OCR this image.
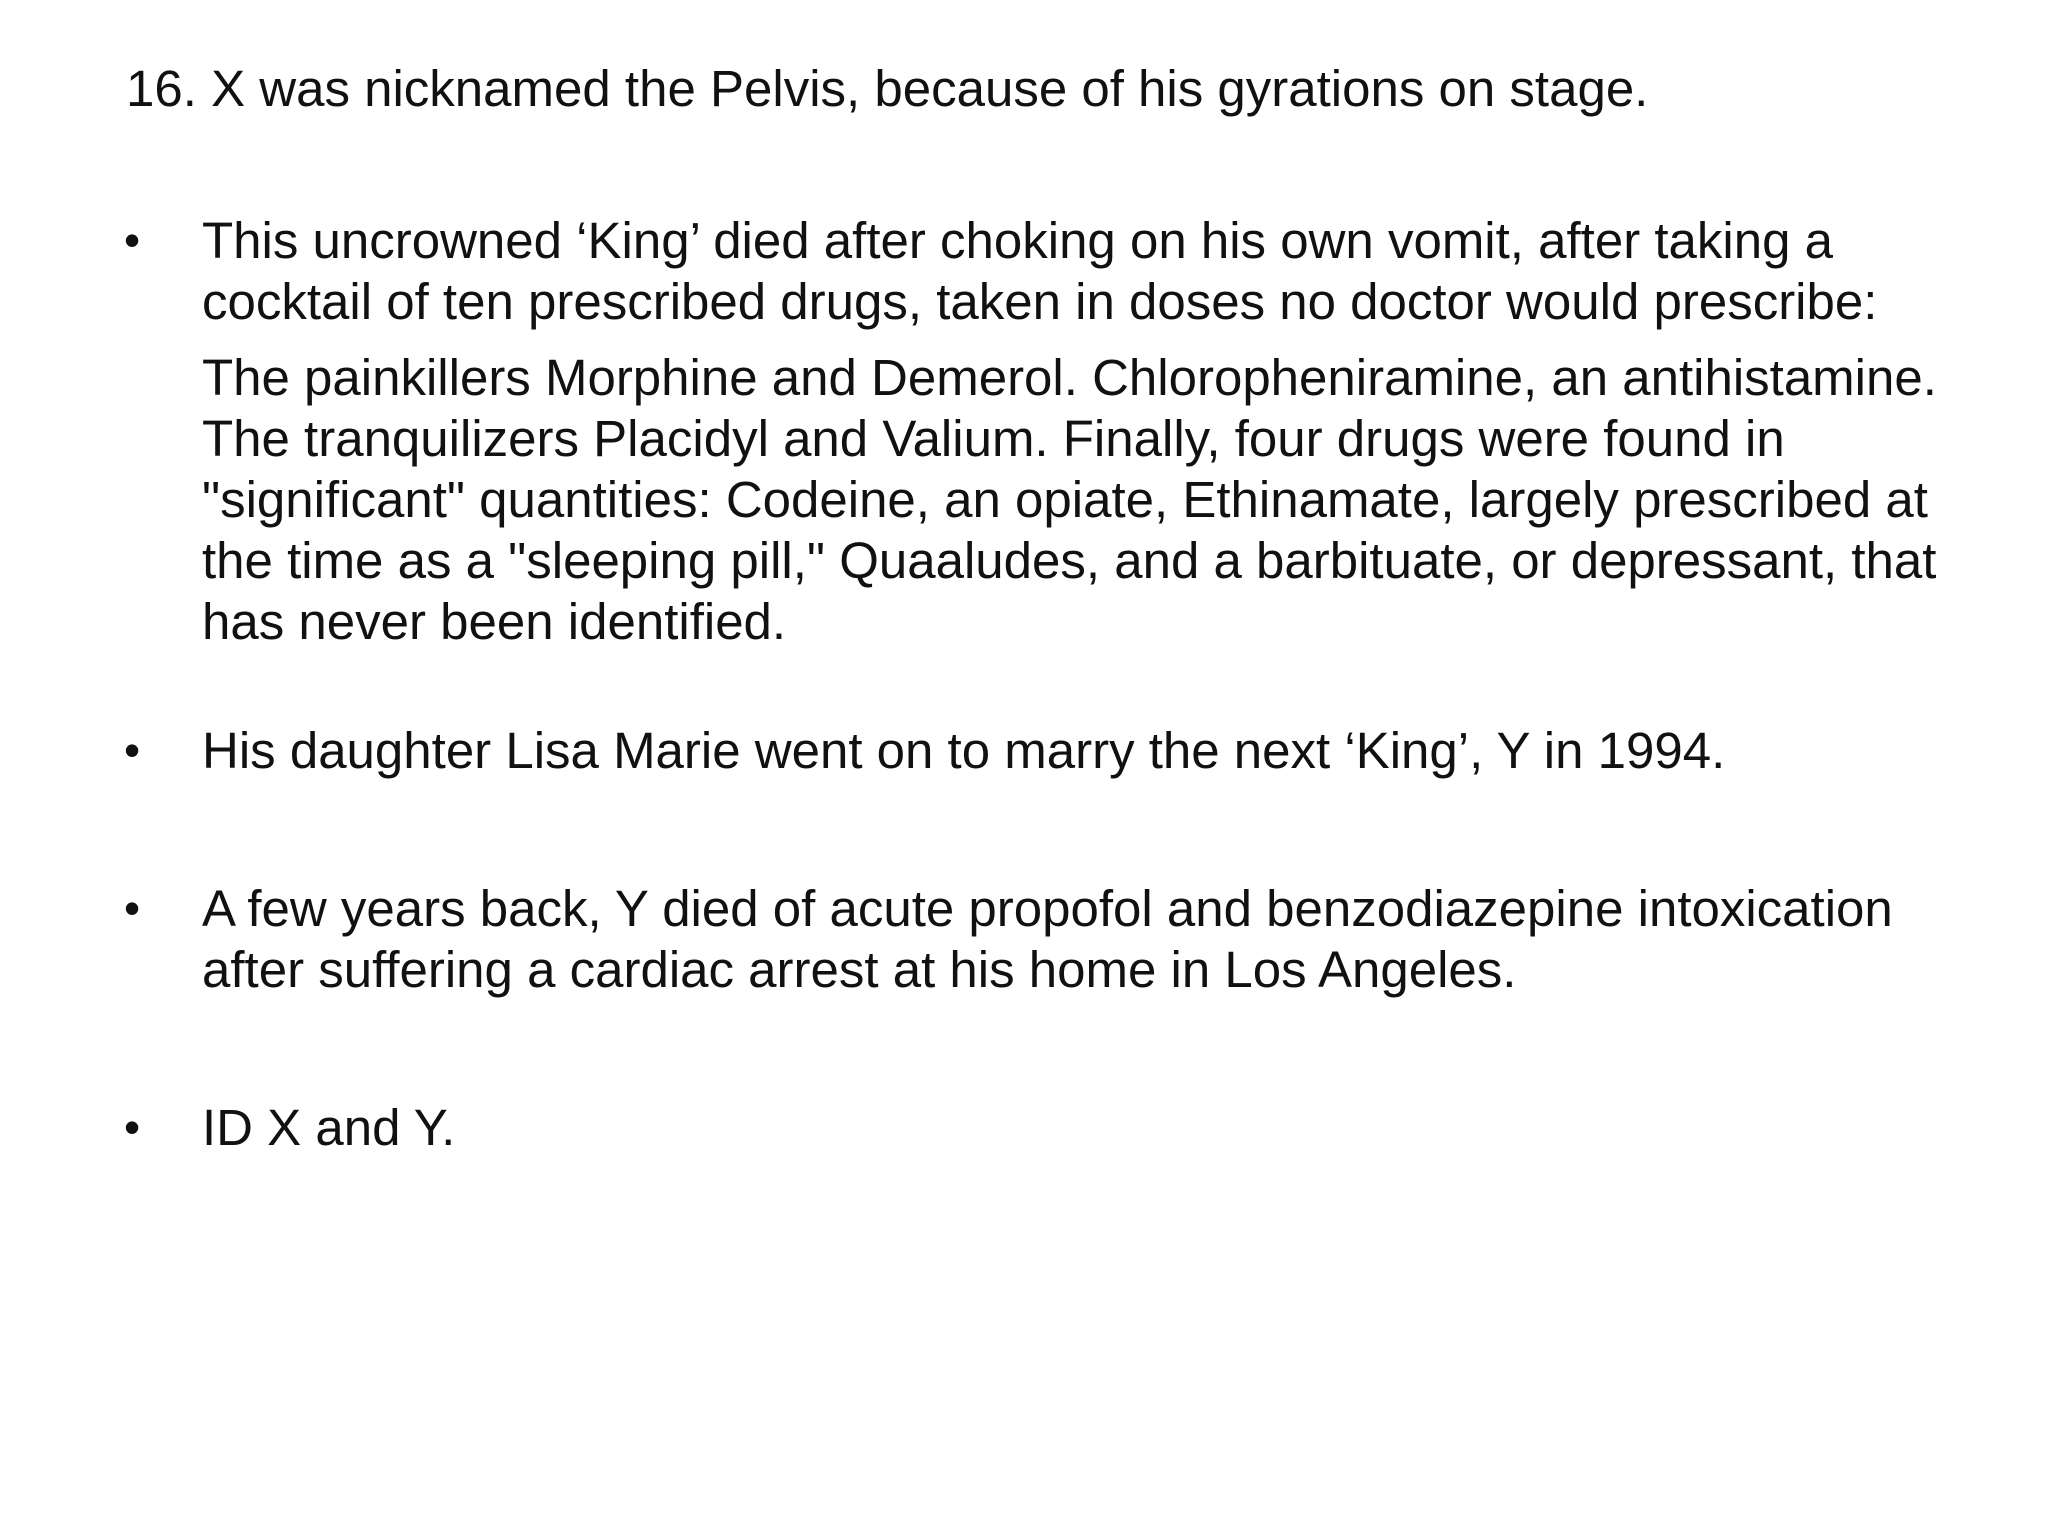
16. X was nicknamed the Pelvis, because of his gyrations on stage.
• This uncrowned ‘King’ died after choking on his own vomit, after taking a cocktail of ten prescribed drugs, taken in doses no doctor would prescribe:

The painkillers Morphine and Demerol. Chloropheniramine, an antihistamine. The tranquilizers Placidyl and Valium. Finally, four drugs were found in "significant" quantities: Codeine, an opiate, Ethinamate, largely prescribed at the time as a "sleeping pill," Quaaludes, and a barbituate, or depressant, that has never been identified.

• His daughter Lisa Marie went on to marry the next ‘King’, Y in 1994.

• A few years back, Y died of acute propofol and benzodiazepine intoxication after suffering a cardiac arrest at his home in Los Angeles.

• ID X and Y.
